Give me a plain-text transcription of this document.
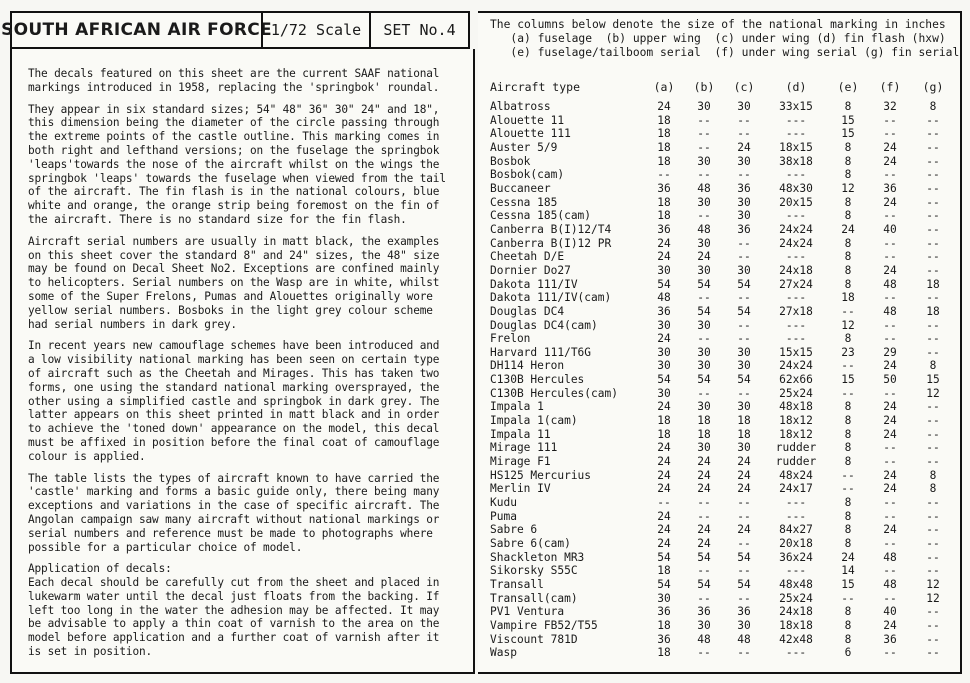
SOUTH AFRICAN AIR FORCE
1/72 Scale	SET No.4

The decals featured on this sheet are the current SAAF national
markings introduced in 1958, replacing the 'springbok' roundal.

They appear in six standard sizes; 54" 48" 36" 30" 24" and 18",
this dimension being the diameter of the circle passing through
the extreme points of the castle outline. This marking comes in
both right and lefthand versions; on the fuselage the springbok
'leaps'towards the nose of the aircraft whilst on the wings the
springbok 'leaps' towards the fuselage when viewed from the tail
of the aircraft. The fin flash is in the national colours, blue
white and orange, the orange strip being foremost on the fin of
the aircraft. There is no standard size for the fin flash.

Aircraft serial numbers are usually in matt black, the examples
on this sheet cover the standard 8" and 24" sizes, the 48" size
may be found on Decal Sheet No2. Exceptions are confined mainly
to helicopters. Serial numbers on the Wasp are in white, whilst
some of the Super Frelons, Pumas and Alouettes originally wore
yellow serial numbers. Bosboks in the light grey colour scheme
had serial numbers in dark grey.

In recent years new camouflage schemes have been introduced and
a low visibility national marking has been seen on certain type
of aircraft such as the Cheetah and Mirages. This has taken two
forms, one using the standard national marking oversprayed, the
other using a simplified castle and springbok in dark grey. The
latter appears on this sheet printed in matt black and in order
to achieve the 'toned down' appearance on the model, this decal
must be affixed in position before the final coat of camouflage
colour is applied.

The table lists the types of aircraft known to have carried the
'castle' marking and forms a basic guide only, there being many
exceptions and variations in the case of specific aircraft. The
Angolan campaign saw many aircraft without national markings or
serial numbers and reference must be made to photographs where
possible for a particular choice of model.

Application of decals:
Each decal should be carefully cut from the sheet and placed in
lukewarm water until the decal just floats from the backing. If
left too long in the water the adhesion may be affected. It may
be advisable to apply a thin coat of varnish to the area on the
model before application and a further coat of varnish after it
is set in position.

The columns below denote the size of the national marking in inches
(a) fuselage  (b) upper wing  (c) under wing (d) fin flash (hxw)
(e) fuselage/tailboom serial  (f) under wing serial (g) fin serial
Aircraft type	(a)	(b)	(c)	(d)	(e)	(f)	(g)
Albatross	24	30	30	33x15	8	32	8
Alouette 11	18	--	--	---	15	--	--
Alouette 111	18	--	--	---	15	--	--
Auster 5/9	18	--	24	18x15	8	24	--
Bosbok	18	30	30	38x18	8	24	--
Bosbok(cam)	--	--	--	---	8	--	--
Buccaneer	36	48	36	48x30	12	36	--
Cessna 185	18	30	30	20x15	8	24	--
Cessna 185(cam)	18	--	30	---	8	--	--
Canberra B(I)12/T4	36	48	36	24x24	24	40	--
Canberra B(I)12 PR	24	30	--	24x24	8	--	--
Cheetah D/E	24	24	--	---	8	--	--
Dornier Do27	30	30	30	24x18	8	24	--
Dakota 111/IV	54	54	54	27x24	8	48	18
Dakota 111/IV(cam)	48	--	--	---	18	--	--
Douglas DC4	36	54	54	27x18	--	48	18
Douglas DC4(cam)	30	30	--	---	12	--	--
Frelon	24	--	--	---	8	--	--
Harvard 111/T6G	30	30	30	15x15	23	29	--
DH114 Heron	30	30	30	24x24	--	24	8
C130B Hercules	54	54	54	62x66	15	50	15
C130B Hercules(cam)	30	--	--	25x24	--	--	12
Impala 1	24	30	30	48x18	8	24	--
Impala 1(cam)	18	18	18	18x12	8	24	--
Impala 11	18	18	18	18x12	8	24	--
Mirage 111	24	30	30	rudder	8	--	--
Mirage F1	24	24	24	rudder	8	--	--
HS125 Mercurius	24	24	24	48x24	--	24	8
Merlin IV	24	24	24	24x17	--	24	8
Kudu	--	--	--	---	8	--	--
Puma	24	--	--	---	8	--	--
Sabre 6	24	24	24	84x27	8	24	--
Sabre 6(cam)	24	24	--	20x18	8	--	--
Shackleton MR3	54	54	54	36x24	24	48	--
Sikorsky S55C	18	--	--	---	14	--	--
Transall	54	54	54	48x48	15	48	12
Transall(cam)	30	--	--	25x24	--	--	12
PV1 Ventura	36	36	36	24x18	8	40	--
Vampire FB52/T55	18	30	30	18x18	8	24	--
Viscount 781D	36	48	48	42x48	8	36	--
Wasp	18	--	--	---	6	--	--
